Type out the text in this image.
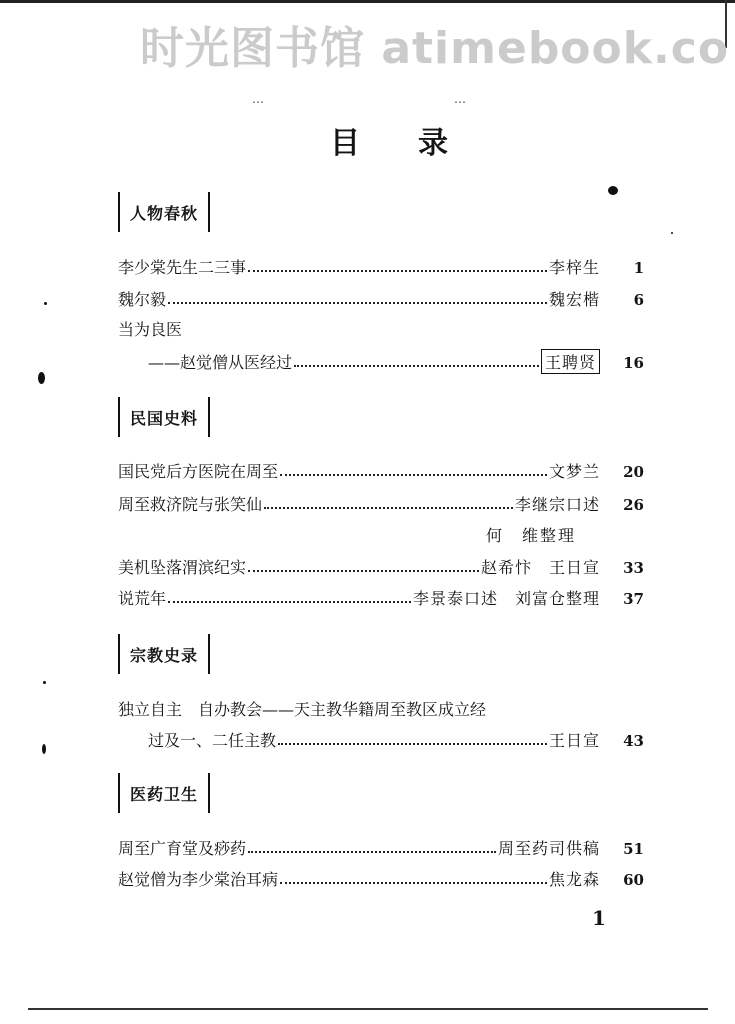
时光图书馆 atimebook.co
…	…
目录
人物春秋
李少棠先生二三事	李梓生	1
魏尔毅	魏宏楷	6
当为良医
——赵觉僧从医经过	王聘贤	16
民国史料
国民党后方医院在周至	文梦兰	20
周至救济院与张笑仙	李继宗口述	26
何　维整理
美机坠落渭滨纪实	赵希忭　王日宣	33
说荒年	李景泰口述　刘富仓整理	37
宗教史录
独立自主　自办教会——天主教华籍周至教区成立经
过及一、二任主教	王日宣	43
医药卫生
周至广育堂及痧药	周至药司供稿	51
赵觉僧为李少棠治耳病	焦龙森	60
1
